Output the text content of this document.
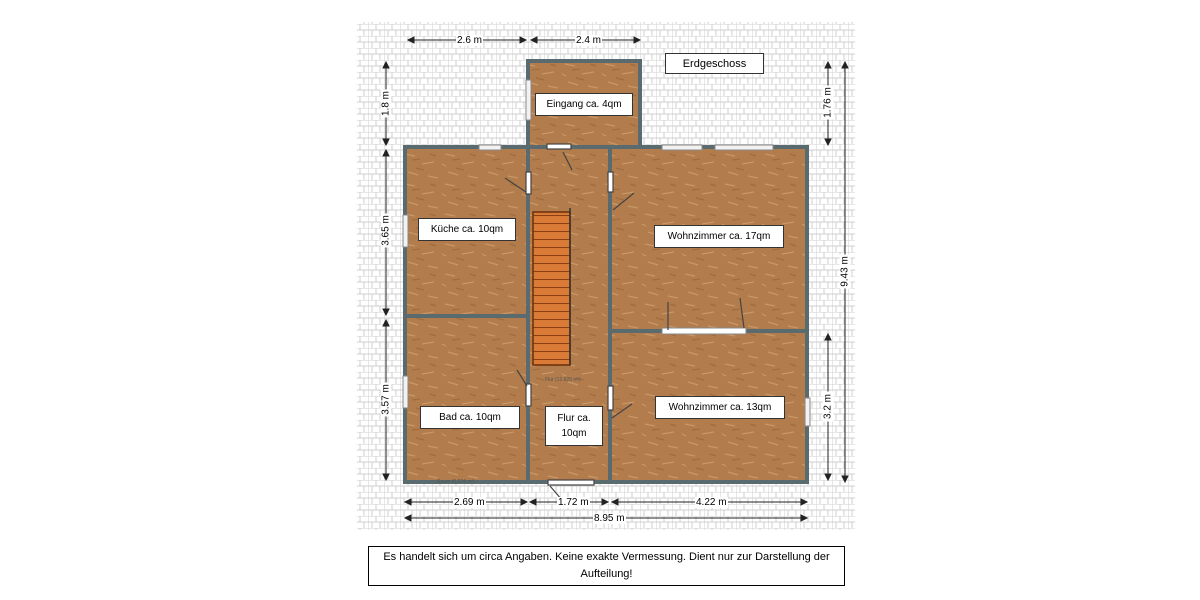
Erdgeschoss
Eingang ca. 4qm
Küche ca. 10qm
Wohnzimmer ca. 17qm
Bad ca. 10qm	Flur ca. 10qm
Wohnzimmer ca. 13qm
Flur (12.829 m²)
Raum (0.274 m²)
2.6 m	2.4 m
1.8 m
3.65 m
3.57 m
1.76 m
9.43 m
3.2 m
2.69 m	1.72 m	4.22 m
8.95 m
Es handelt sich um circa Angaben. Keine exakte Vermessung. Dient nur zur Darstellung der Aufteilung!
